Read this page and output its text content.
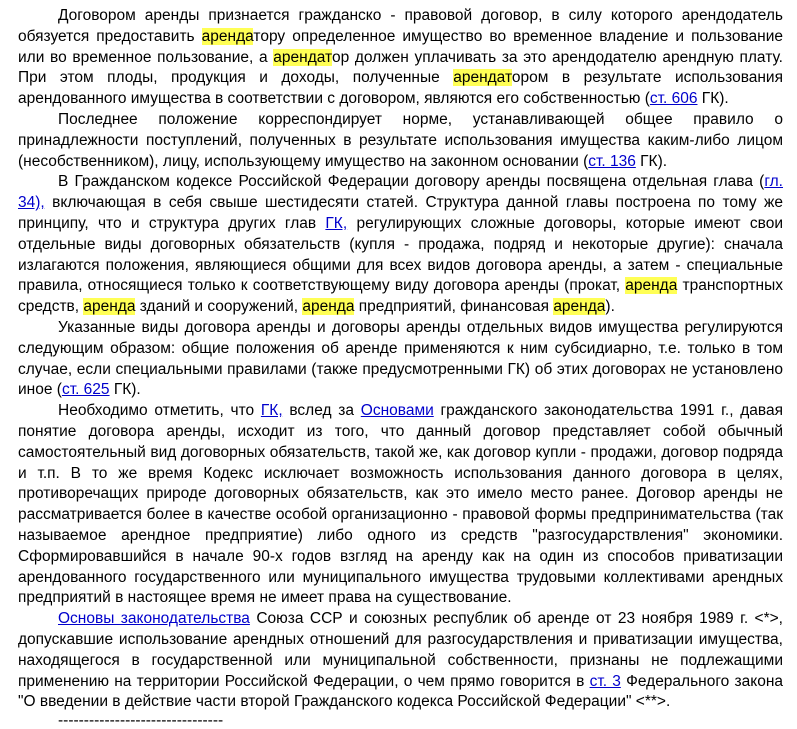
Договором аренды признается гражданско - правовой договор, в силу которого арендодатель обязуется предоставить арендатору определенное имущество во временное владение и пользование или во временное пользование, а арендатор должен уплачивать за это арендодателю арендную плату. При этом плоды, продукция и доходы, полученные арендатором в результате использования арендованного имущества в соответствии с договором, являются его собственностью (ст. 606 ГК).

Последнее положение корреспондирует норме, устанавливающей общее правило о принадлежности поступлений, полученных в результате использования имущества каким-либо лицом (несобственником), лицу, использующему имущество на законном основании (ст. 136 ГК).

В Гражданском кодексе Российской Федерации договору аренды посвящена отдельная глава (гл. 34), включающая в себя свыше шестидесяти статей. Структура данной главы построена по тому же принципу, что и структура других глав ГК, регулирующих сложные договоры, которые имеют свои отдельные виды договорных обязательств (купля - продажа, подряд и некоторые другие): сначала излагаются положения, являющиеся общими для всех видов договора аренды, а затем - специальные правила, относящиеся только к соответствующему виду договора аренды (прокат, аренда транспортных средств, аренда зданий и сооружений, аренда предприятий, финансовая аренда).

Указанные виды договора аренды и договоры аренды отдельных видов имущества регулируются следующим образом: общие положения об аренде применяются к ним субсидиарно, т.е. только в том случае, если специальными правилами (также предусмотренными ГК) об этих договорах не установлено иное (ст. 625 ГК).

Необходимо отметить, что ГК, вслед за Основами гражданского законодательства 1991 г., давая понятие договора аренды, исходит из того, что данный договор представляет собой обычный самостоятельный вид договорных обязательств, такой же, как договор купли - продажи, договор подряда и т.п. В то же время Кодекс исключает возможность использования данного договора в целях, противоречащих природе договорных обязательств, как это имело место ранее. Договор аренды не рассматривается более в качестве особой организационно - правовой формы предпринимательства (так называемое арендное предприятие) либо одного из средств "разгосударствления" экономики. Сформировавшийся в начале 90-х годов взгляд на аренду как на один из способов приватизации арендованного государственного или муниципального имущества трудовыми коллективами арендных предприятий в настоящее время не имеет права на существование.

Основы законодательства Союза ССР и союзных республик об аренде от 23 ноября 1989 г. <*>, допускавшие использование арендных отношений для разгосударствления и приватизации имущества, находящегося в государственной или муниципальной собственности, признаны не подлежащими применению на территории Российской Федерации, о чем прямо говорится в ст. 3 Федерального закона "О введении в действие части второй Гражданского кодекса Российской Федерации" <**>.

--------------------------------
